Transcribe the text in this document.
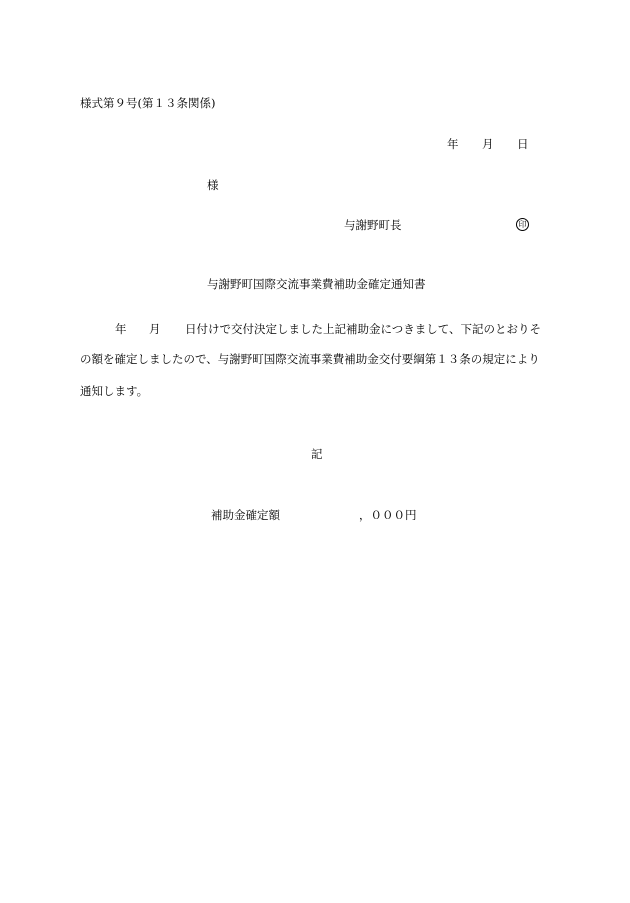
様式第９号(第１３条関係)
年 月 日
様
与謝野町長	印
与謝野町国際交流事業費補助金確定通知書
年 月 日付けで交付決定しました上記補助金につきまして、下記のとおりそ
の額を確定しましたので、与謝野町国際交流事業費補助金交付要綱第１３条の規定により
通知します。
記
補助金確定額	，０００円
